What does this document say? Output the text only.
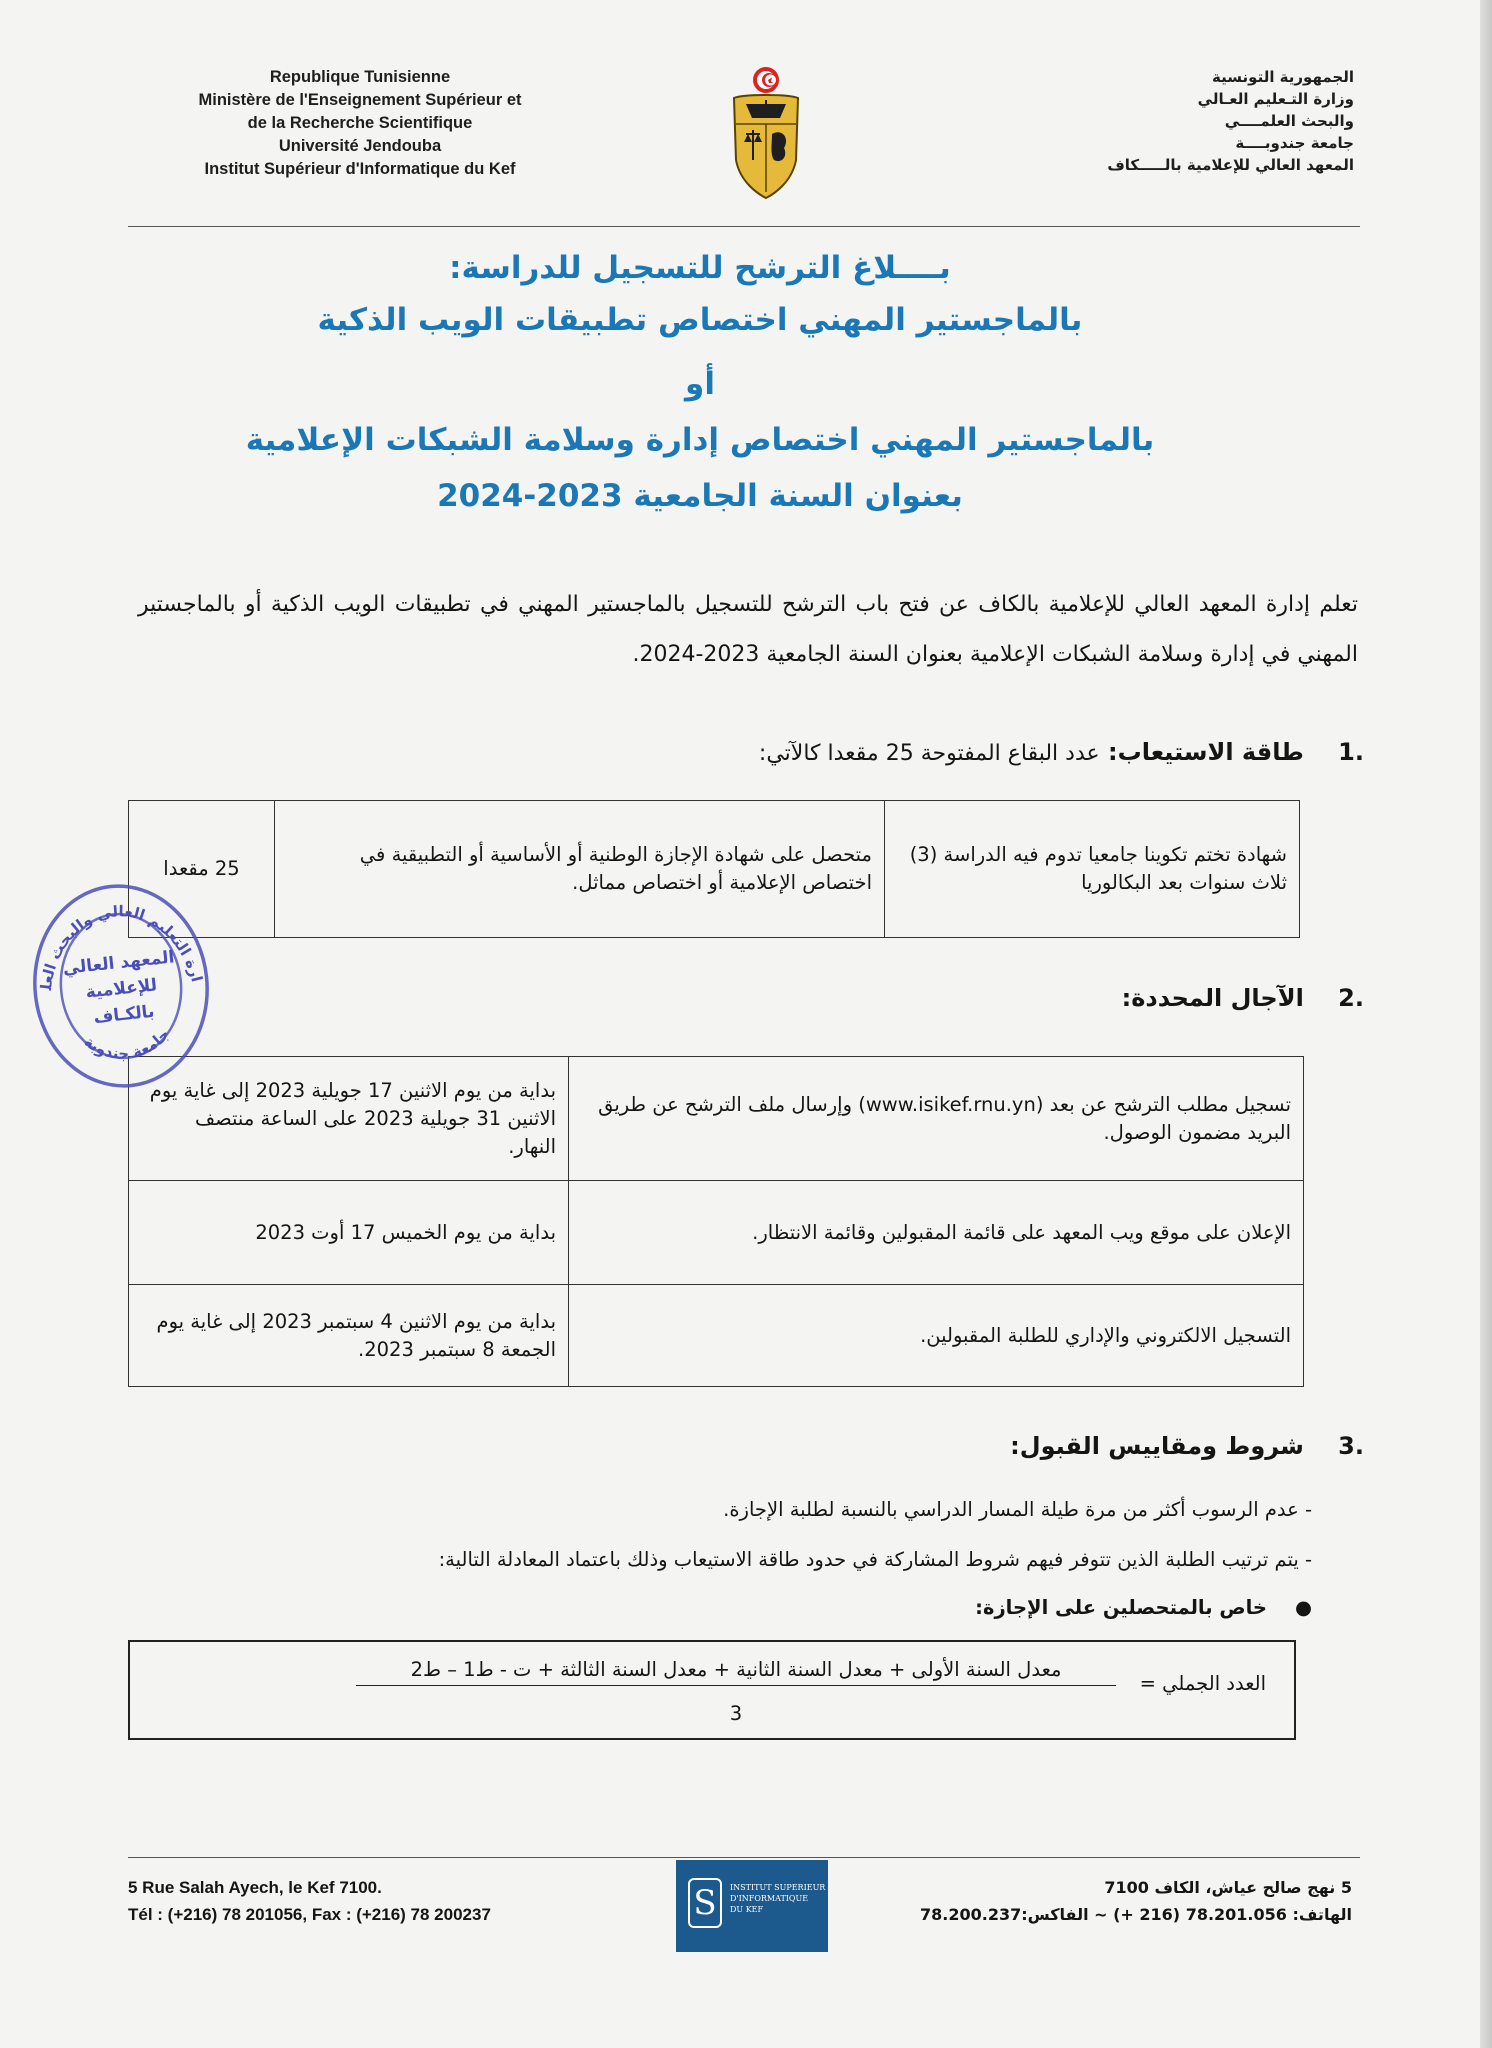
Republique Tunisienne
Ministère de l'Enseignement Supérieur et
de la Recherche Scientifique
Université Jendouba
Institut Supérieur d'Informatique du Kef
الجمهورية التونسية
وزارة التـعليم العـالي
والبحث العلمــــي
جامعة جندوبــــة
المعهد العالي للإعلامية بالـــــكاف
بــــلاغ الترشح للتسجيل للدراسة:
بالماجستير المهني اختصاص تطبيقات الويب الذكية
أو
بالماجستير المهني اختصاص إدارة وسلامة الشبكات الإعلامية
بعنوان السنة الجامعية 2023-2024
تعلم إدارة المعهد العالي للإعلامية بالكاف عن فتح باب الترشح للتسجيل بالماجستير المهني في تطبيقات الويب الذكية أو بالماجستير المهني في إدارة وسلامة الشبكات الإعلامية بعنوان السنة الجامعية 2023-2024.
.1 طاقة الاستيعاب: عدد البقاع المفتوحة 25 مقعدا كالآتي:
شهادة تختم تكوينا جامعيا تدوم فيه الدراسة (3) ثلاث سنوات بعد البكالوريا	متحصل على شهادة الإجازة الوطنية أو الأساسية أو التطبيقية في اختصاص الإعلامية أو اختصاص مماثل.	25 مقعدا
.2 الآجال المحددة:
تسجيل مطلب الترشح عن بعد (www.isikef.rnu.yn) وإرسال ملف الترشح عن طريق البريد مضمون الوصول.	بداية من يوم الاثنين 17 جويلية 2023 إلى غاية يوم الاثنين 31 جويلية 2023 على الساعة منتصف النهار.
الإعلان على موقع ويب المعهد على قائمة المقبولين وقائمة الانتظار.	بداية من يوم الخميس 17 أوت 2023
التسجيل الالكتروني والإداري للطلبة المقبولين.	بداية من يوم الاثنين 4 سبتمبر 2023 إلى غاية يوم الجمعة 8 سبتمبر 2023.
.3 شروط ومقاييس القبول:
- عدم الرسوب أكثر من مرة طيلة المسار الدراسي بالنسبة لطلبة الإجازة.
- يتم ترتيب الطلبة الذين تتوفر فيهم شروط المشاركة في حدود طاقة الاستيعاب وذلك باعتماد المعادلة التالية:
●خاص بالمتحصلين على الإجازة:
العدد الجملي =
معدل السنة الأولى + معدل السنة الثانية + معدل السنة الثالثة + ت - ط1 – ط2
3
وزارة التعليم العالي والبحث العلمي
جامعة جندوبة
المعهد العالي
للإعلامية
بالكـاف
5 Rue Salah Ayech, le Kef 7100.
Tél : (+216) 78 201056, Fax : (+216) 78 200237	S	INSTITUT SUPERIEUR
D'INFORMATIQUE
DU KEF
5 نهج صالح عياش، الكاف 7100
الهاتف: 78.201.056 (216 +) ~ الفاكس:78.200.237
